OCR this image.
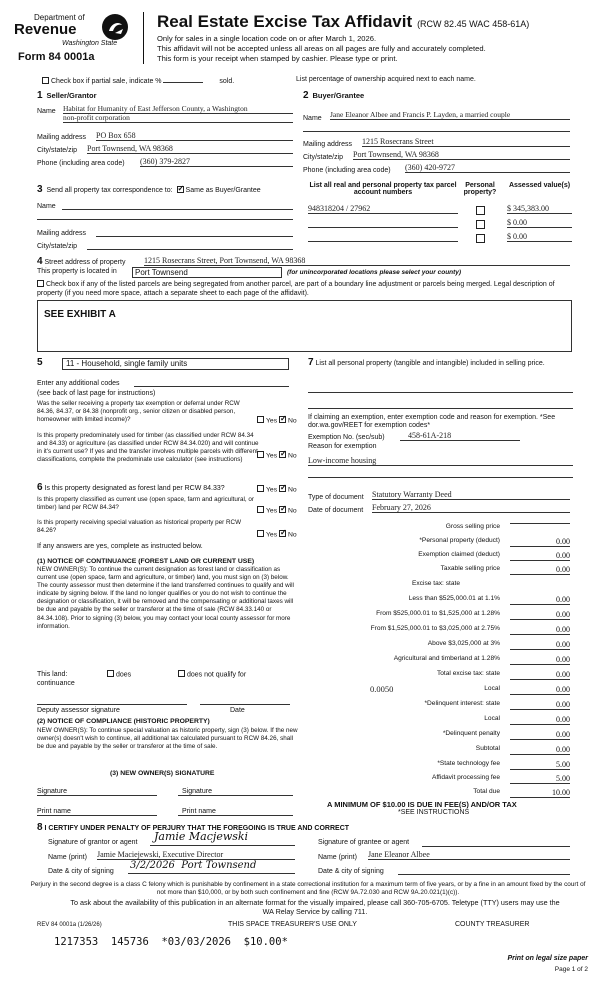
Department of
Revenue
Washington State
Form 84 0001a
Real Estate Excise Tax Affidavit (RCW 82.45 WAC 458-61A)
Only for sales in a single location code on or after March 1, 2026.
This affidavit will not be accepted unless all areas on all pages are fully and accurately completed.
This form is your receipt when stamped by cashier. Please type or print.
Check box if partial sale, indicate %	sold.	List percentage of ownership acquired next to each name.
1 Seller/Grantor
Name Habitat for Humanity of East Jefferson County, a Washington
non-profit corporation
Mailing address PO Box 658
City/state/zip Port Townsend, WA 98368
Phone (including area code) (360) 379-2827
2 Buyer/Grantee
Name Jane Eleanor Albee and Francis P. Layden, a married couple
Mailing address 1215 Rosecrans Street
City/state/zip Port Townsend, WA 98368
Phone (including area code) (360) 420-9727
3 Send all property tax correspondence to: ✓ Same as Buyer/Grantee
Name
Mailing address
City/state/zip
List all real and personal property tax parcel account numbers
Personal property?
Assessed value(s)
948318204 / 27962	$ 345,383.00
$ 0.00
$ 0.00
4 Street address of property 1215 Rosecrans Street, Port Townsend, WA 98368
This property is located in	Port Townsend	(for unincorporated locations please select your county)
Check box if any of the listed parcels are being segregated from another parcel, are part of a boundary line adjustment or parcels being merged. Legal description of property (if you need more space, attach a separate sheet to each page of the affidavit).
SEE EXHIBIT A
5	11 - Household, single family units
Enter any additional codes
(see back of last page for instructions)
Was the seller receiving a property tax exemption or deferral under RCW 84.36, 84.37, or 84.38 (nonprofit org., senior citizen or disabled person, homeowner with limited income)?	Yes ✓ No
Is this property predominately used for timber (as classified under RCW 84.34 and 84.33) or agriculture (as classified under RCW 84.34.020) and will continue in it's current use? If yes and the transfer involves multiple parcels with different classifications, complete the predominate use calculator (see instructions)
Yes ✓ No
6 Is this property designated as forest land per RCW 84.33?	Yes ✓ No
Is this property classified as current use (open space, farm and agricultural, or timber) land per RCW 84.34?	Yes ✓ No
Is this property receiving special valuation as historical property per RCW 84.26?
Yes ✓ No
If any answers are yes, complete as instructed below.
(1) NOTICE OF CONTINUANCE (FOREST LAND OR CURRENT USE)
NEW OWNER(S): To continue the current designation as forest land or classification as current use (open space, farm and agriculture, or timber) land, you must sign on (3) below. The county assessor must then determine if the land transferred continues to qualify and will indicate by signing below. If the land no longer qualifies or you do not wish to continue the designation or classification, it will be removed and the compensating or additional taxes will be due and payable by the seller or transferor at the time of sale (RCW 84.33.140 or 84.34.108). Prior to signing (3) below, you may contact your local county assessor for more information.
This land:	does	does not qualify for
continuance
Deputy assessor signature	Date
(2) NOTICE OF COMPLIANCE (HISTORIC PROPERTY)
NEW OWNER(S): To continue special valuation as historic property, sign (3) below. If the new owner(s) doesn't wish to continue, all additional tax calculated pursuant to RCW 84.26, shall be due and payable by the seller or transferor at the time of sale.
(3) NEW OWNER(S) SIGNATURE
Signature	Signature
Print name	Print name
7 List all personal property (tangible and intangible) included in selling price.
If claiming an exemption, enter exemption code and reason for exemption. *See dor.wa.gov/REET for exemption codes*
Exemption No. (sec/sub)	458-61A-218
Reason for exemption
Low-income housing
Type of document Statutory Warranty Deed
Date of document February 27, 2026
Gross selling price
*Personal property (deduct)	0.00
Exemption claimed (deduct)	0.00
Taxable selling price	0.00
Excise tax: state
Less than $525,000.01 at 1.1%	0.00
From $525,000.01 to $1,525,000 at 1.28%	0.00
From $1,525,000.01 to $3,025,000 at 2.75%	0.00
Above $3,025,000 at 3%	0.00
Agricultural and timberland at 1.28%	0.00
Total excise tax: state	0.00
0.0050	Local	0.00
*Delinquent interest: state	0.00
Local	0.00
*Delinquent penalty	0.00
Subtotal	0.00
*State technology fee	5.00
Affidavit processing fee	5.00
Total due	10.00
A MINIMUM OF $10.00 IS DUE IN FEE(S) AND/OR TAX
*SEE INSTRUCTIONS
8 I CERTIFY UNDER PENALTY OF PERJURY THAT THE FOREGOING IS TRUE AND CORRECT
Signature of grantor or agent Jamie Macjewski
Name (print) Jamie Maciejewski, Executive Director
Date & city of signing
3/2/2026  Port Townsend
Signature of grantee or agent
Name (print) Jane Eleanor Albee
Date & city of signing
Perjury in the second degree is a class C felony which is punishable by confinement in a state correctional institution for a maximum term of five years, or by a fine in an amount fixed by the court of not more than $10,000, or by both such confinement and fine (RCW 9A.72.030 and RCW 9A.20.021(1)(c)).
To ask about the availability of this publication in an alternate format for the visually impaired, please call 360-705-6705. Teletype (TTY) users may use the WA Relay Service by calling 711.
REV 84 0001a (1/26/26)	THIS SPACE TREASURER'S USE ONLY	COUNTY TREASURER
1217353  145736  *03/03/2026  $10.00*
Print on legal size paper
Page 1 of 2
